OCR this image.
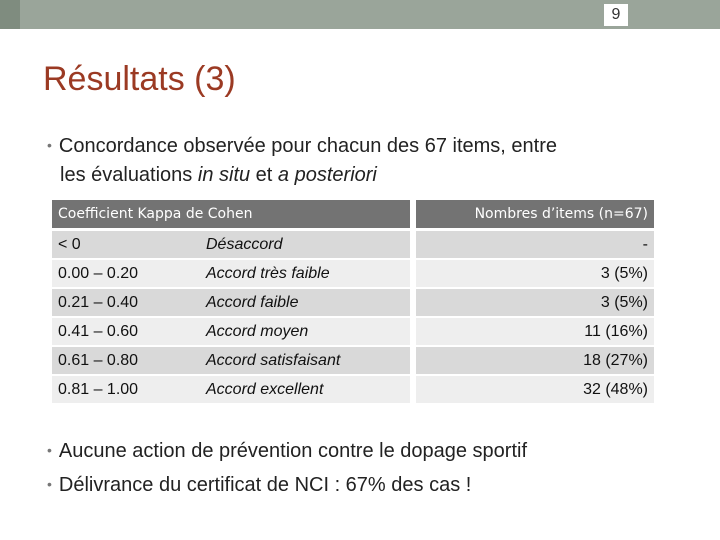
9
Résultats (3)
• Concordance observée pour chacun des 67 items, entre
les évaluations in situ et a posteriori
Coefficient Kappa de Cohen			Nombres d’items (n=67)
< 0	Désaccord		-
0.00 – 0.20	Accord très faible		3 (5%)
0.21 – 0.40	Accord faible		3 (5%)
0.41 – 0.60	Accord moyen		11 (16%)
0.61 – 0.80	Accord satisfaisant		18 (27%)
0.81 – 1.00	Accord excellent		32 (48%)
• Aucune action de prévention contre le dopage sportif
• Délivrance du certificat de NCI : 67% des cas !
